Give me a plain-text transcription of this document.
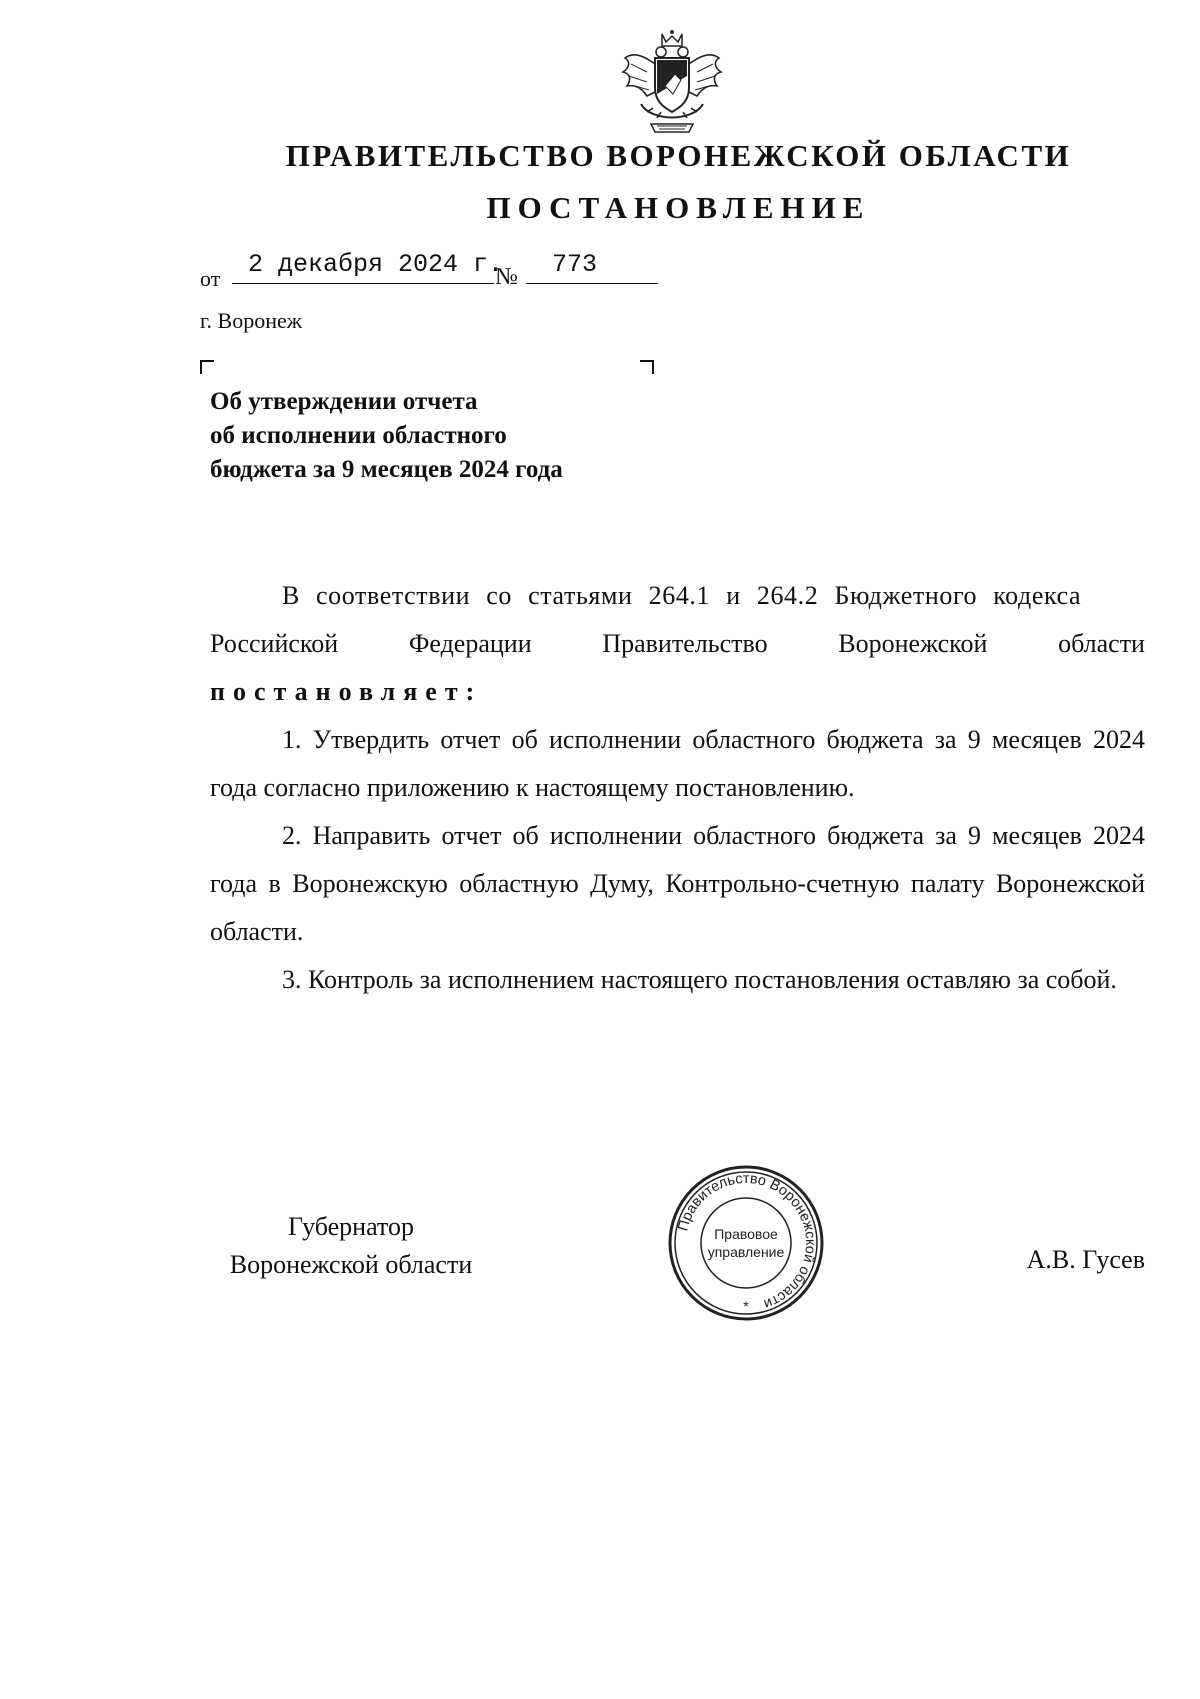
ПРАВИТЕЛЬСТВО ВОРОНЕЖСКОЙ ОБЛАСТИ
ПОСТАНОВЛЕНИЕ
от 2 декабря 2024 г.
№ 773
г. Воронеж
Об утверждении отчета
об исполнении областного
бюджета за 9 месяцев 2024 года

В соответствии со статьями 264.1 и 264.2 Бюджетного кодекса

Российской	Федерации	Правительство	Воронежской	области

постановляет:

1. Утвердить отчет об исполнении областного бюджета за 9 месяцев 2024 года согласно приложению к настоящему постановлению.

2. Направить отчет об исполнении областного бюджета за 9 месяцев 2024 года в Воронежскую областную Думу, Контрольно-счетную палату Воронежской области.

3. Контроль за исполнением настоящего постановления оставляю за собой.

Губернатор
Воронежской области
Правительство Воронежской области
Правовое
управление
*
А.В. Гусев
